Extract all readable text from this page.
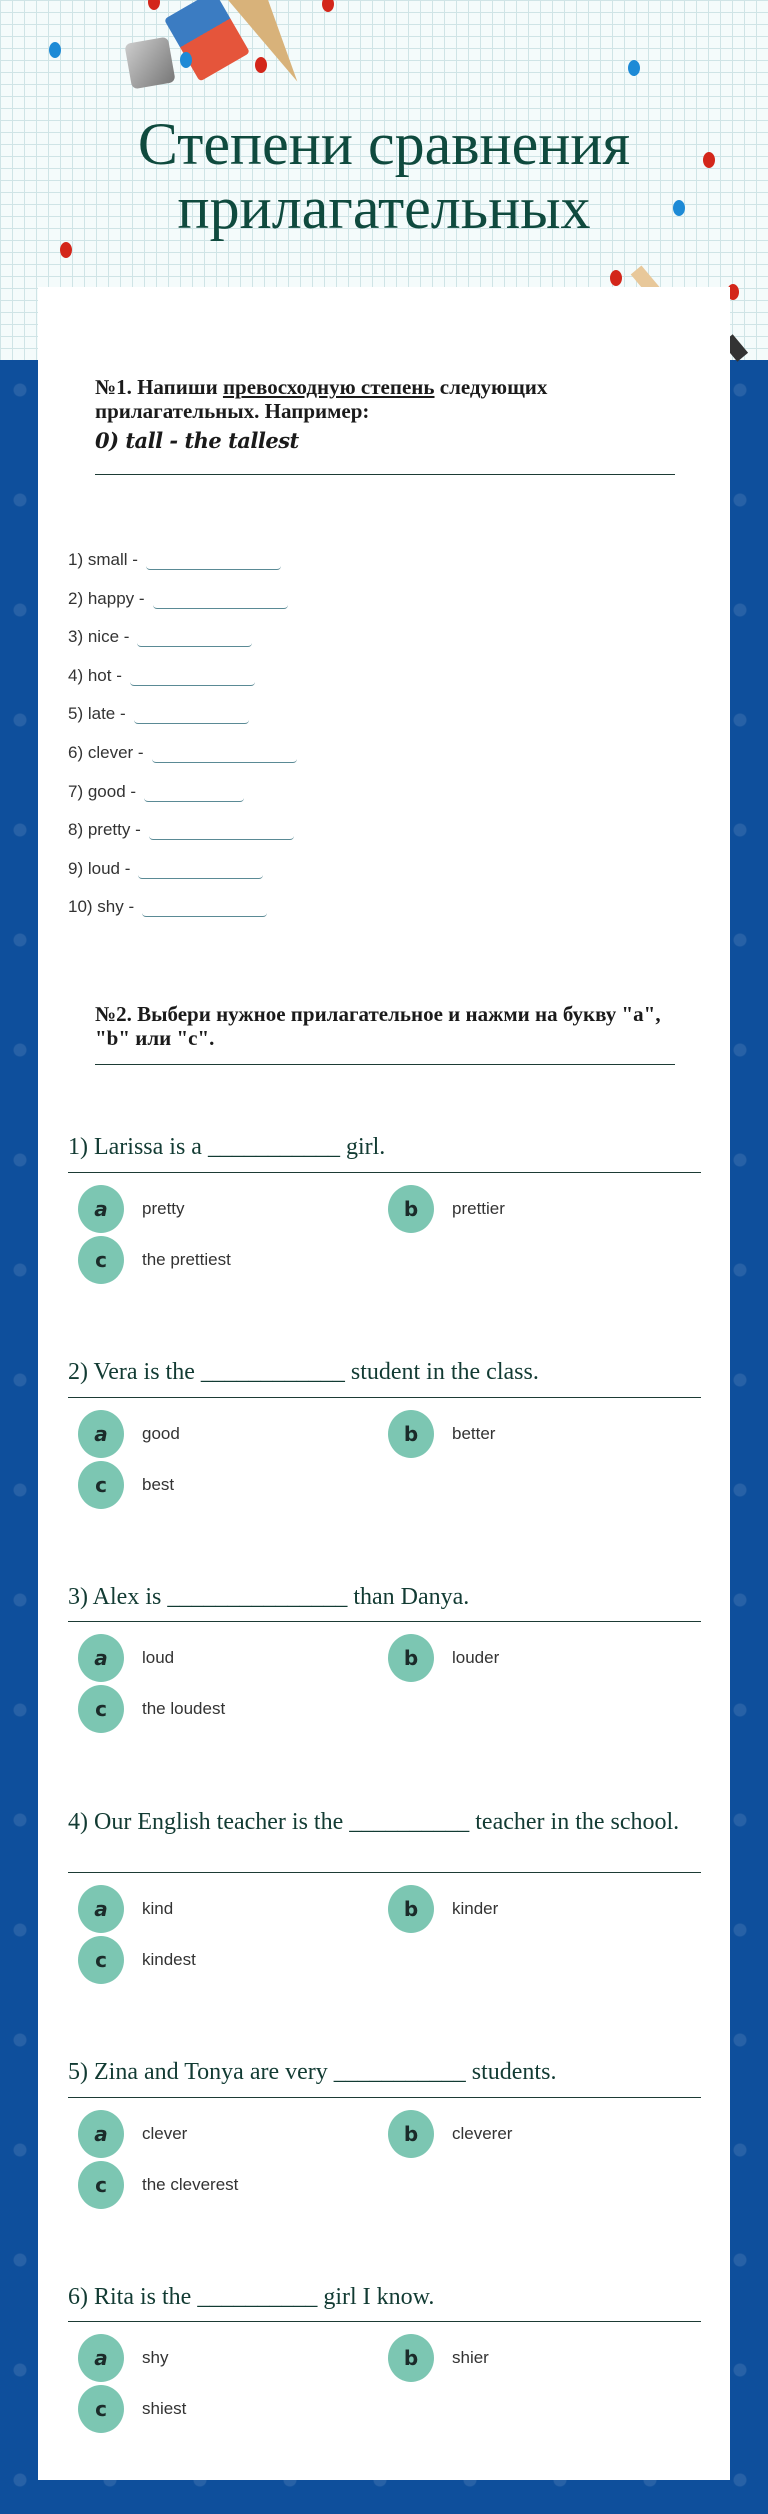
Степени сравнения
прилагательных
№1. Напиши превосходную степень следующих прилагательных. Например:
0) tall - the tallest
1) small -
2) happy -
3) nice -
4) hot -
5) late -
6) clever -
7) good -
8) pretty -
9) loud -
10) shy -
№2. Выбери нужное прилагательное и нажми на букву "a", "b" или "c".
1) Larissa is a ___________ girl.
a	pretty	b	prettier
c	the prettiest
2) Vera is the ____________ student in the class.
a	good	b	better
c	best
3) Alex is _______________ than Danya.
a	loud	b	louder
c	the loudest
4) Our English teacher is the __________ teacher in the school.
a	kind	b	kinder
c	kindest
5) Zina and Tonya are very ___________ students.
a	clever	b	cleverer
c	the cleverest
6) Rita is the __________ girl I know.
a	shy	b	shier
c	shiest
